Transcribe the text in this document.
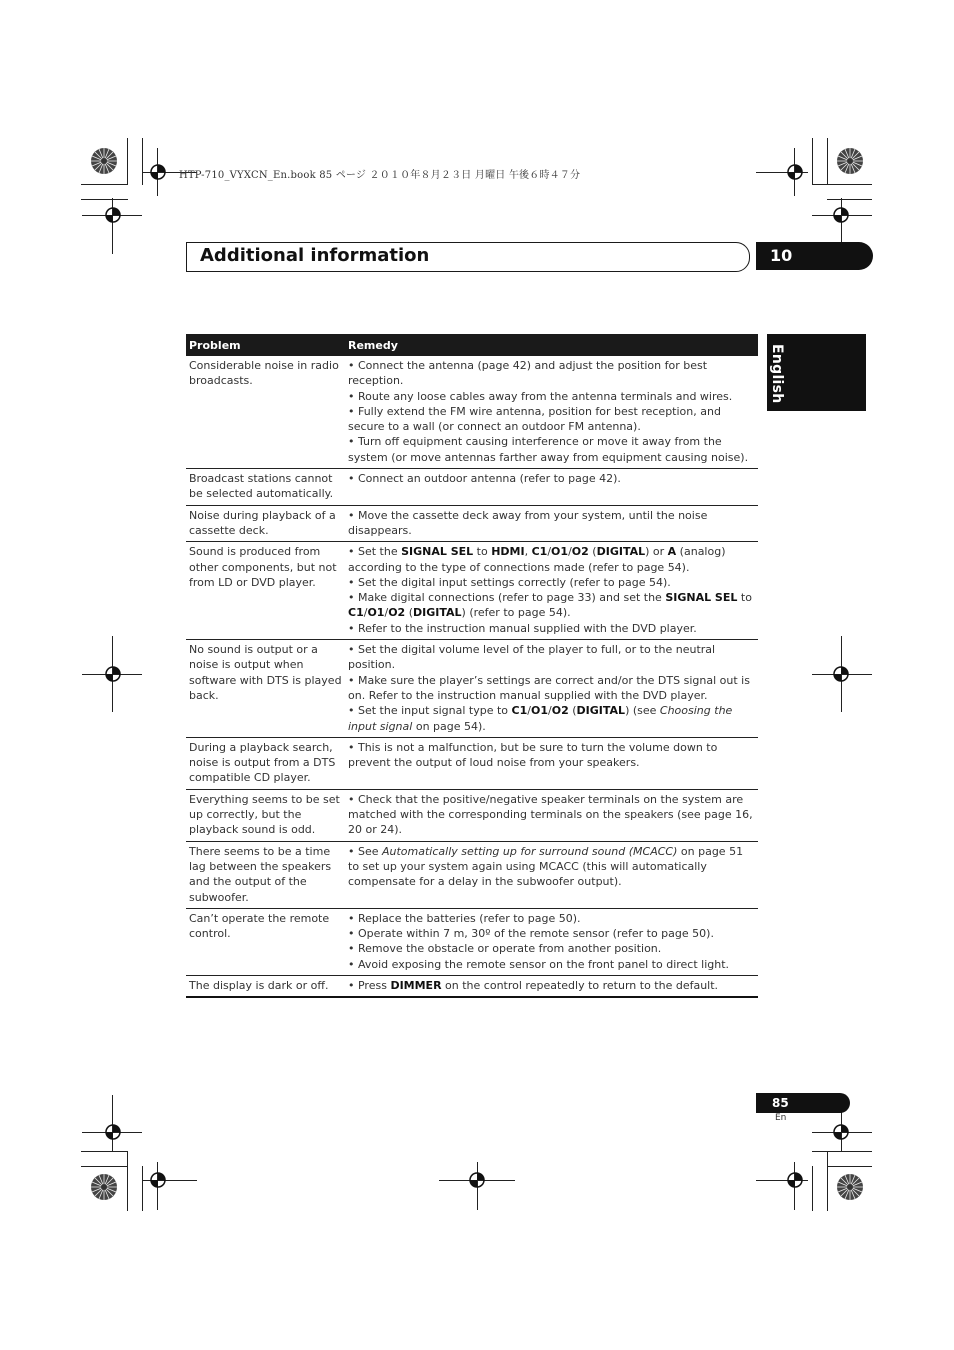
HTP-710_VYXCN_En.book 85 ページ ２０１０年８月２３日 月曜日 午後６時４７分
Additional information	10
English
Problem	Remedy
Considerable noise in radio broadcasts.	• Connect the antenna (page 42) and adjust the position for best reception.

• Route any loose cables away from the antenna terminals and wires.

• Fully extend the FM wire antenna, position for best reception, and secure to a wall (or connect an outdoor FM antenna).

• Turn off equipment causing interference or move it away from the system (or move antennas farther away from equipment causing noise).

Broadcast stations cannot be selected automatically.	• Connect an outdoor antenna (refer to page 42).

Noise during playback of a cassette deck.	• Move the cassette deck away from your system, until the noise disappears.

Sound is produced from other components, but not from LD or DVD player.	• Set the SIGNAL SEL to HDMI, C1/O1/O2 (DIGITAL) or A (analog) according to the type of connections made (refer to page 54).

• Set the digital input settings correctly (refer to page 54).

• Make digital connections (refer to page 33) and set the SIGNAL SEL to C1/O1/O2 (DIGITAL) (refer to page 54).

• Refer to the instruction manual supplied with the DVD player.

No sound is output or a noise is output when software with DTS is played back.	• Set the digital volume level of the player to full, or to the neutral position.

• Make sure the player’s settings are correct and/or the DTS signal out is on. Refer to the instruction manual supplied with the DVD player.

• Set the input signal type to C1/O1/O2 (DIGITAL) (see Choosing the input signal on page 54).

During a playback search, noise is output from a DTS compatible CD player.	• This is not a malfunction, but be sure to turn the volume down to prevent the output of loud noise from your speakers.

Everything seems to be set up correctly, but the playback sound is odd.	• Check that the positive/negative speaker terminals on the system are matched with the corresponding terminals on the speakers (see page 16, 20 or 24).

There seems to be a time lag between the speakers and the output of the subwoofer.	• See Automatically setting up for surround sound (MCACC) on page 51 to set up your system again using MCACC (this will automatically compensate for a delay in the subwoofer output).

Can’t operate the remote control.	• Replace the batteries (refer to page 50).

• Operate within 7 m, 30º of the remote sensor (refer to page 50).

• Remove the obstacle or operate from another position.

• Avoid exposing the remote sensor on the front panel to direct light.

The display is dark or off.	• Press DIMMER on the control repeatedly to return to the default.

85
En
